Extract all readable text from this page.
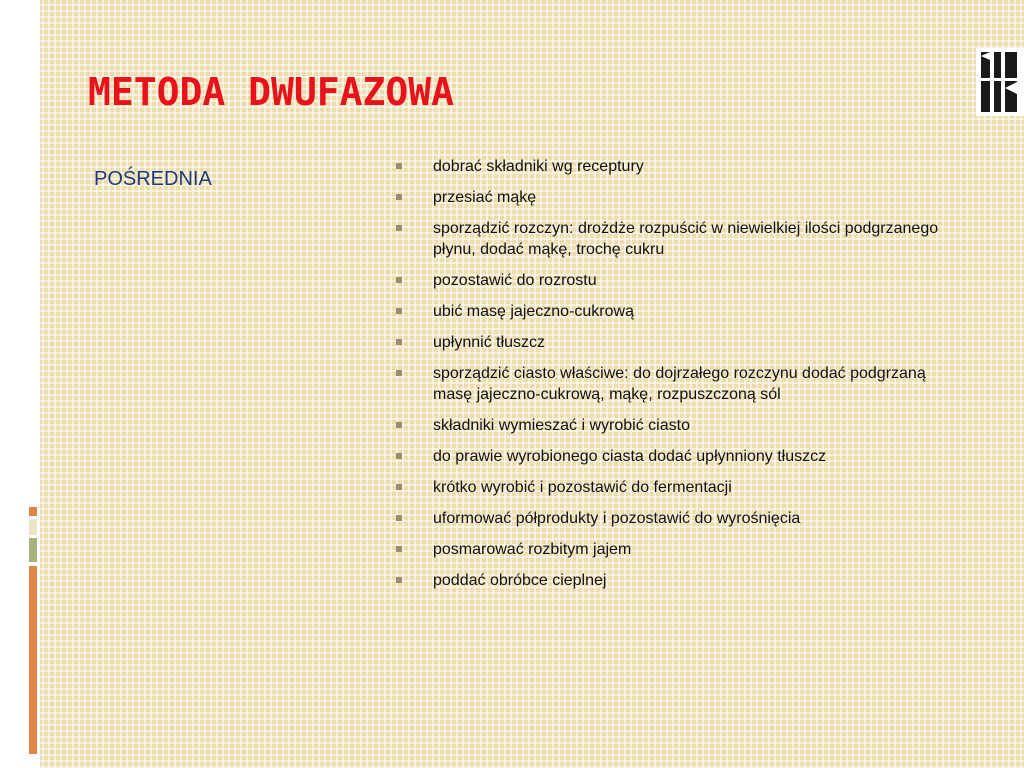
METODA DWUFAZOWA
POŚREDNIA
dobrać składniki wg receptury
przesiać mąkę
sporządzić rozczyn: drożdże rozpuścić w niewielkiej ilości podgrzanego płynu, dodać mąkę, trochę cukru
pozostawić do rozrostu
ubić masę jajeczno-cukrową
upłynnić tłuszcz
sporządzić ciasto właściwe: do dojrzałego rozczynu dodać podgrzaną masę jajeczno-cukrową, mąkę, rozpuszczoną sól
składniki wymieszać i wyrobić ciasto
do prawie wyrobionego ciasta dodać upłynniony tłuszcz
krótko wyrobić i pozostawić do fermentacji
uformować półprodukty i pozostawić do wyrośnięcia
posmarować rozbitym jajem
poddać obróbce cieplnej
